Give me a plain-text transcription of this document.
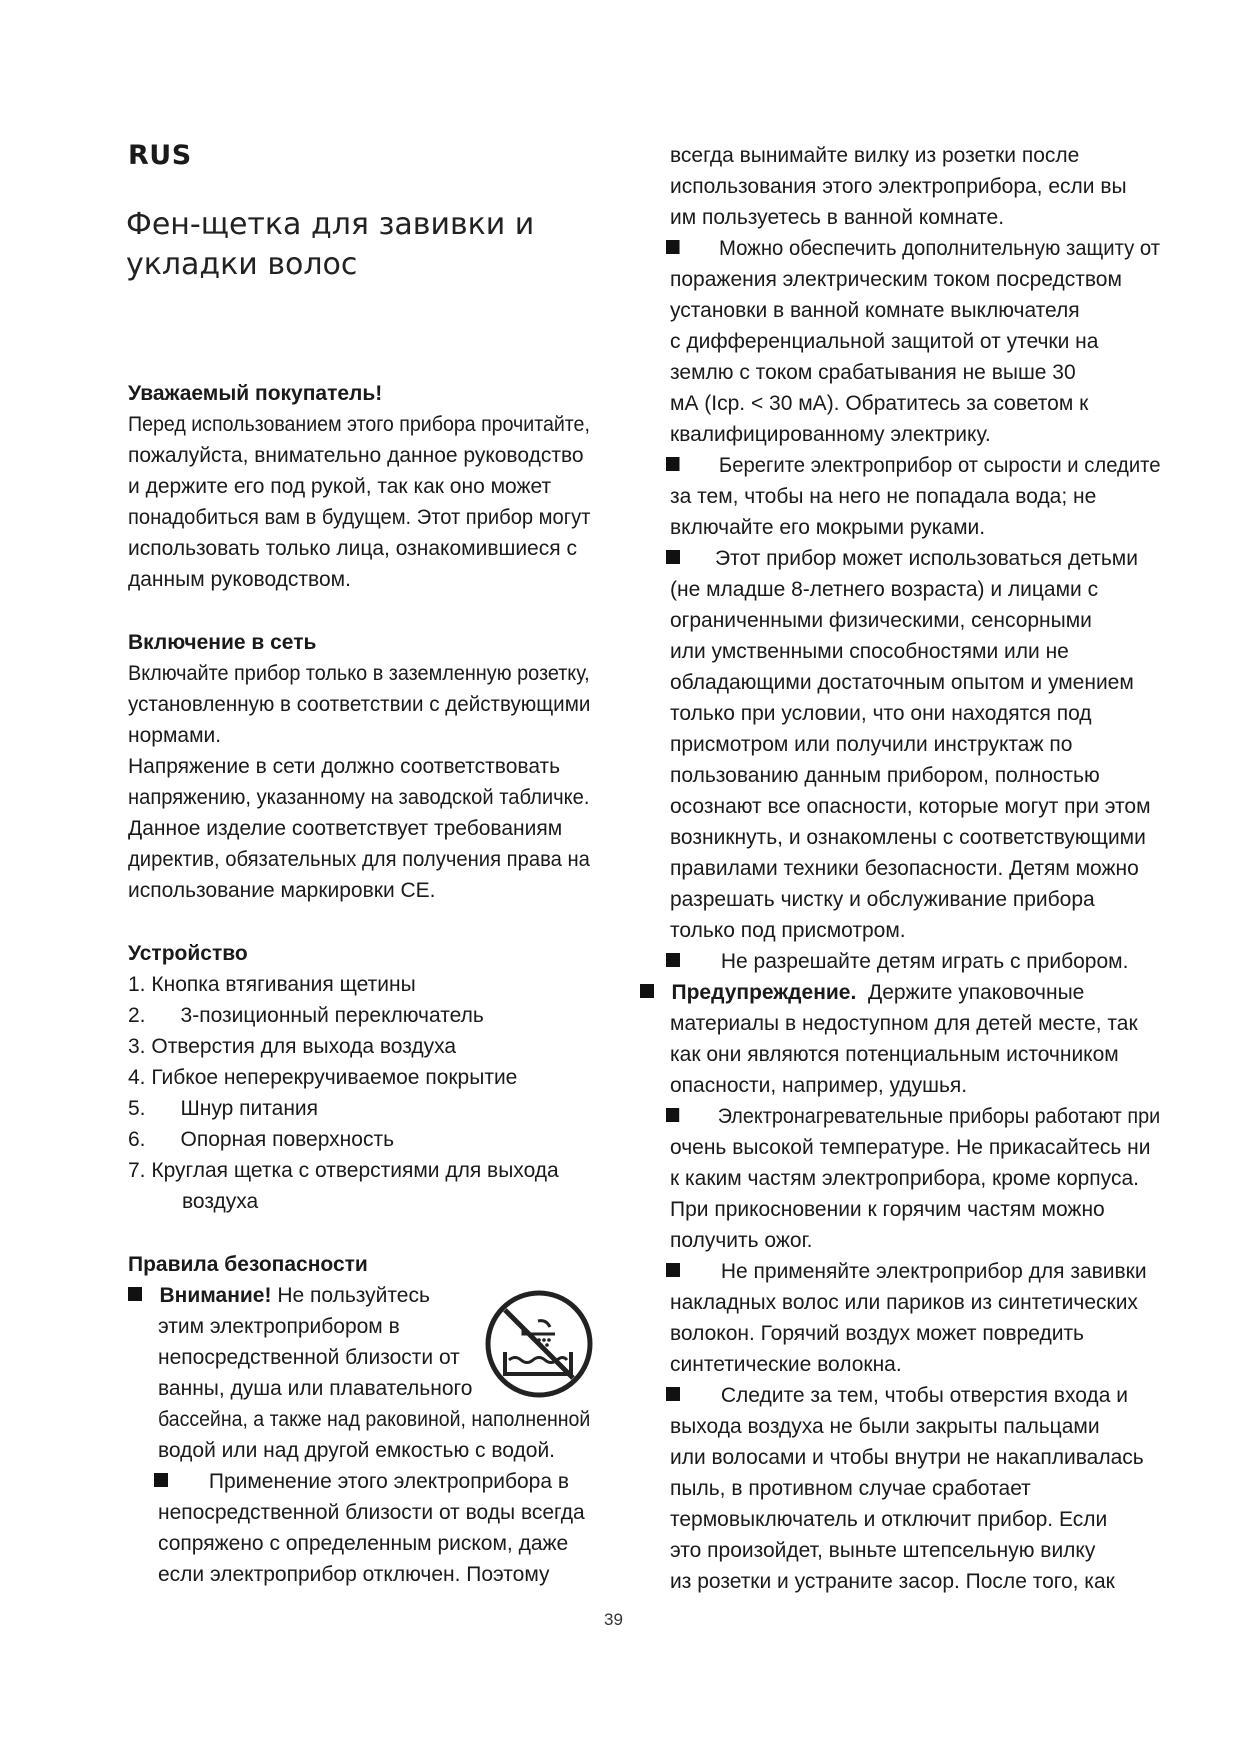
RUS
Фен-щетка для завивки и
укладки волос
Уважаемый покупатель!
Перед использованием этого прибора прочитайте,
пожалуйста, внимательно данное руководство
и держите его под рукой, так как оно может
понадобиться вам в будущем. Этот прибор могут
использовать только лица, ознакомившиеся с
данным руководством.
Включение в сеть
Включайте прибор только в заземленную розетку,
установленную в соответствии с действующими
нормами.
Напряжение в сети должно соответствовать
напряжению, указанному на заводской табличке.
Данное изделие соответствует требованиям
директив, обязательных для получения права на
использование маркировки CE.
Устройство
1. Кнопка втягивания щетины
2. 3-позиционный переключатель
3. Отверстия для выхода воздуха
4. Гибкое неперекручиваемое покрытие
5. Шнур питания
6. Опорная поверхность
7. Круглая щетка с отверстиями для выхода
воздуха
Правила безопасности
Внимание! Не пользуйтесь
этим электроприбором в
непосредственной близости от
ванны, душа или плавательного
бассейна, а также над раковиной, наполненной
водой или над другой емкостью с водой.
Применение этого электроприбора в
непосредственной близости от воды всегда
сопряжено с определенным риском, даже
если электроприбор отключен. Поэтому
всегда вынимайте вилку из розетки после
использования этого электроприбора, если вы
им пользуетесь в ванной комнате.
Можно обеспечить дополнительную защиту от
поражения электрическим током посредством
установки в ванной комнате выключателя
с дифференциальной защитой от утечки на
землю с током срабатывания не выше 30
мА (Icp. < 30 мА). Обратитесь за советом к
квалифицированному электрику.
Берегите электроприбор от сырости и следите
за тем, чтобы на него не попадала вода; не
включайте его мокрыми руками.
Этот прибор может использоваться детьми
(не младше 8-летнего возраста) и лицами с
ограниченными физическими, сенсорными
или умственными способностями или не
обладающими достаточным опытом и умением
только при условии, что они находятся под
присмотром или получили инструктаж по
пользованию данным прибором, полностью
осознают все опасности, которые могут при этом
возникнуть, и ознакомлены с соответствующими
правилами техники безопасности. Детям можно
разрешать чистку и обслуживание прибора
только под присмотром.
Не разрешайте детям играть с прибором.
Предупреждение. Держите упаковочные
материалы в недоступном для детей месте, так
как они являются потенциальным источником
опасности, например, удушья.
Электронагревательные приборы работают при
очень высокой температуре. Не прикасайтесь ни
к каким частям электроприбора, кроме корпуса.
При прикосновении к горячим частям можно
получить ожог.
Не применяйте электроприбор для завивки
накладных волос или париков из синтетических
волокон. Горячий воздух может повредить
синтетические волокна.
Следите за тем, чтобы отверстия входа и
выхода воздуха не были закрыты пальцами
или волосами и чтобы внутри не накапливалась
пыль, в противном случае сработает
термовыключатель и отключит прибор. Если
это произойдет, выньте штепсельную вилку
из розетки и устраните засор. После того, как
39
